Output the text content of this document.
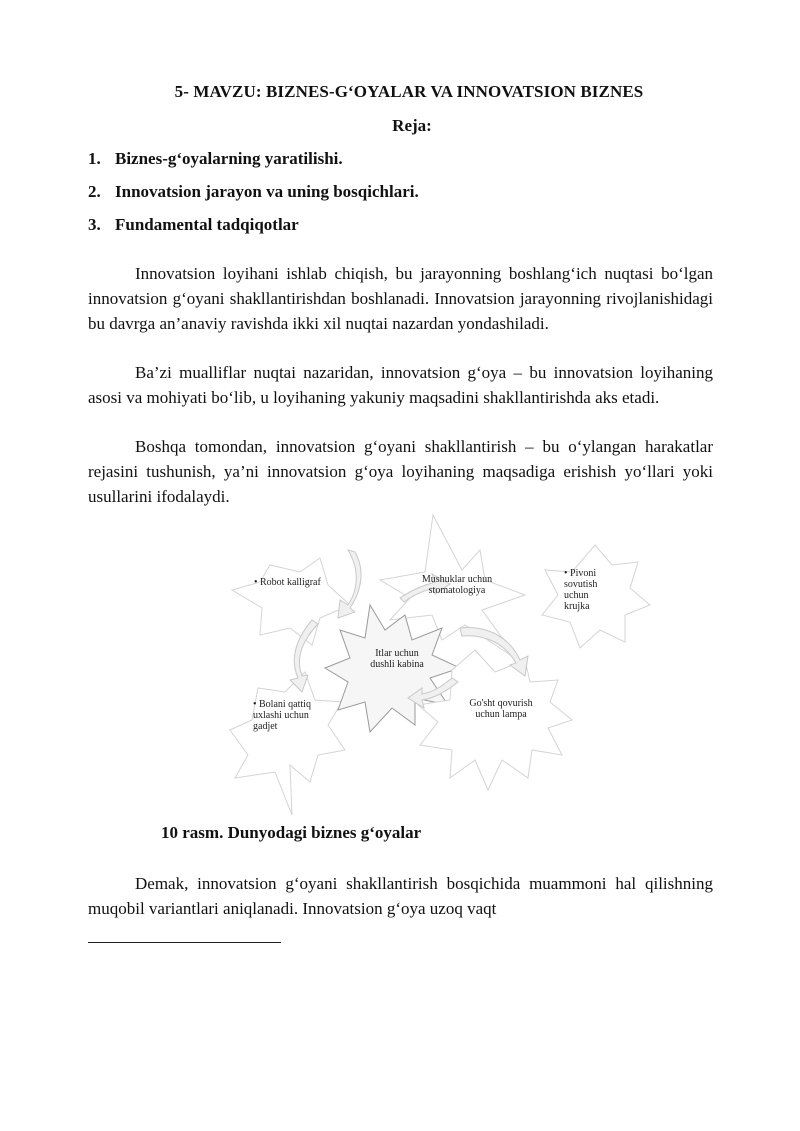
5- MAVZU: BIZNES-G‘OYALAR VA INNOVATSION BIZNES
Reja:
1. Biznes-g‘oyalarning yaratilishi.
2. Innovatsion jarayon va uning bosqichlari.
3. Fundamental tadqiqotlar

Innovatsion loyihani ishlab chiqish, bu jarayonning boshlang‘ich nuqtasi bo‘lgan innovatsion g‘oyani shakllantirishdan boshlanadi. Innovatsion jarayonning rivojlanishidagi bu davrga an’anaviy ravishda ikki xil nuqtai nazardan yondashiladi.

Ba’zi mualliflar nuqtai nazaridan, innovatsion g‘oya – bu innovatsion loyihaning asosi va mohiyati bo‘lib, u loyihaning yakuniy maqsadini shakllantirishda aks etadi.

Boshqa tomondan, innovatsion g‘oyani shakllantirish – bu o‘ylangan harakatlar rejasini tushunish, ya’ni innovatsion g‘oya loyihaning maqsadiga erishish yo‘llari yoki usullarini ifodalaydi.

• Robot kalligraf	Mushuklar uchun stomatologiya
• Pivoni sovutish uchun krujka
• Bolani qattiq uxlashi uchun gadjet
Itlar uchun dushli kabina
Go'sht qovurish uchun lampa
10 rasm. Dunyodagi biznes g‘oyalar

Demak, innovatsion g‘oyani shakllantirish bosqichida muammoni hal qilishning muqobil variantlari aniqlanadi. Innovatsion g‘oya uzoq vaqt
